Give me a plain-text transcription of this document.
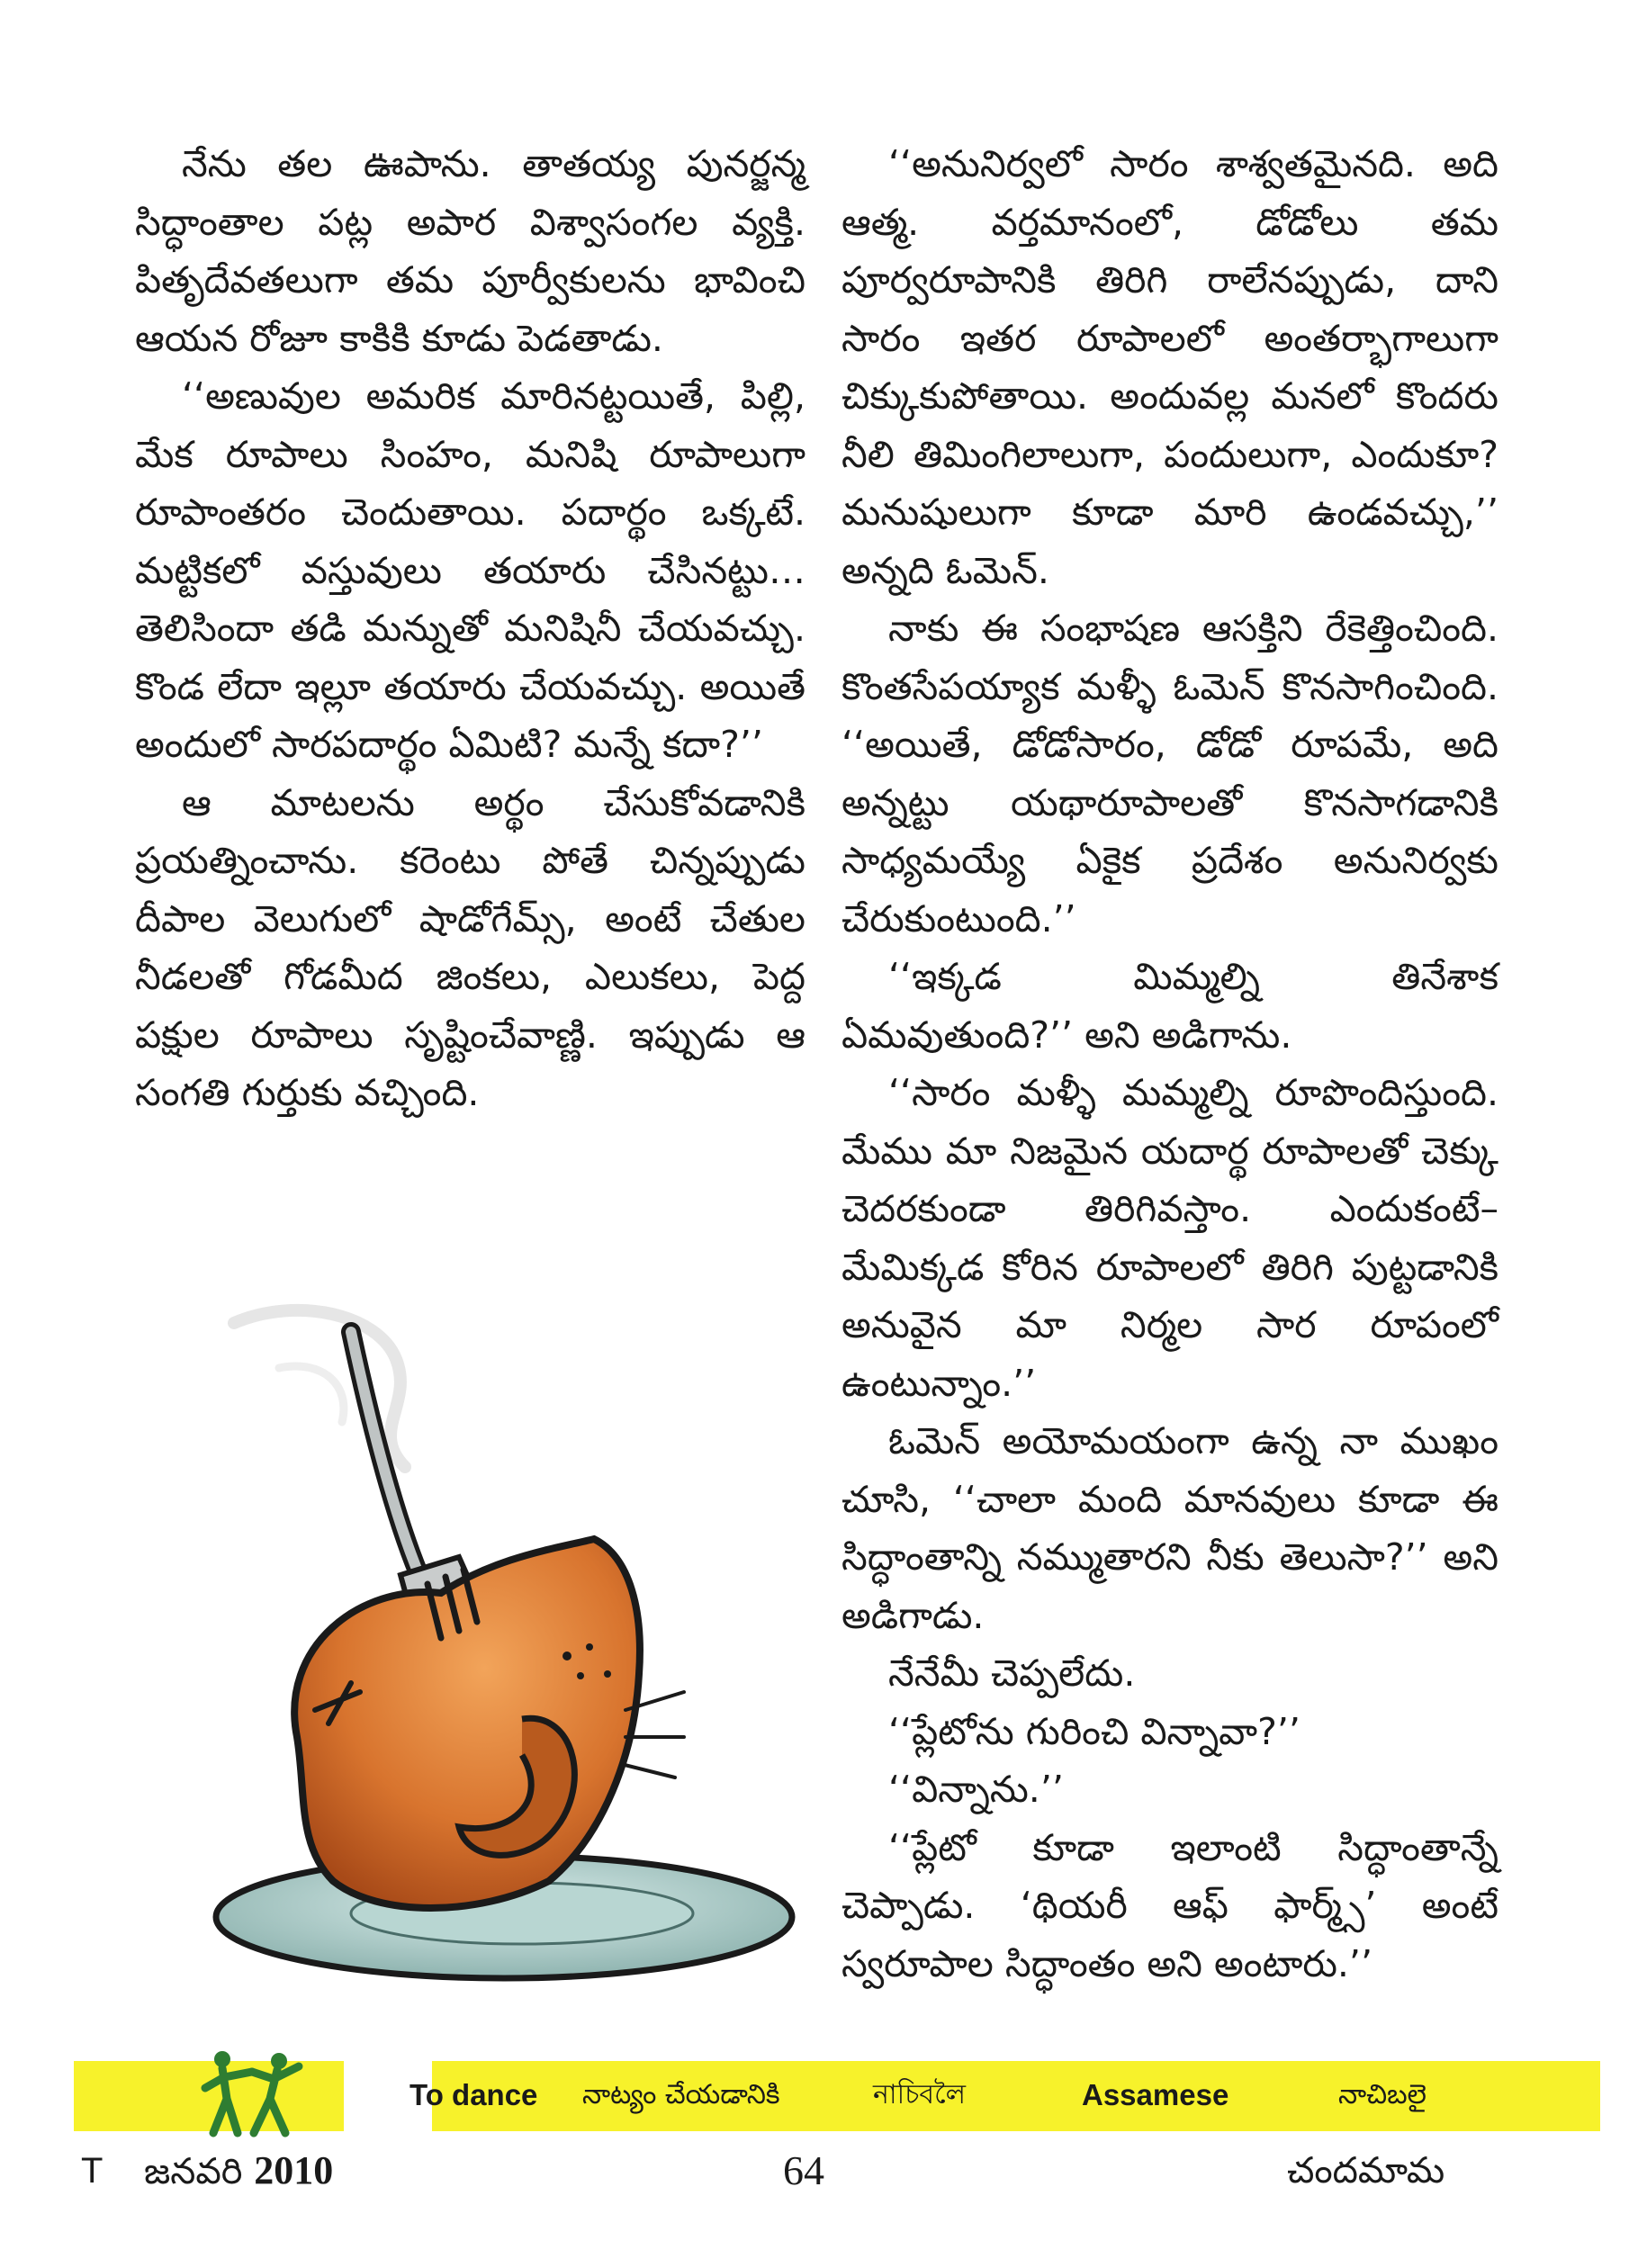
నేను తల ఊపాను. తాతయ్య పునర్జన్మ సిద్ధాంతాల పట్ల అపార విశ్వాసంగల వ్యక్తి. పితృదేవతలుగా తమ పూర్వీకులను భావించి ఆయన రోజూ కాకికి కూడు పెడతాడు.

‘‘అణువుల అమరిక మారినట్టయితే, పిల్లి, మేక రూపాలు సింహం, మనిషి రూపాలుగా రూపాంతరం చెందుతాయి. పదార్థం ఒక్కటే. మట్టికలో వస్తువులు తయారు చేసినట్టు… తెలిసిందా తడి మన్నుతో మనిషినీ చేయవచ్చు. కొండ లేదా ఇల్లూ తయారు చేయవచ్చు. అయితే అందులో సారపదార్థం ఏమిటి? మన్నే కదా?’’

ఆ మాటలను అర్థం చేసుకోవడానికి ప్రయత్నించాను. కరెంటు పోతే చిన్నప్పుడు దీపాల వెలుగులో షాడోగేమ్స్, అంటే చేతుల నీడలతో గోడమీద జింకలు, ఎలుకలు, పెద్ద పక్షుల రూపాలు సృష్టించేవాణ్ణి. ఇప్పుడు ఆ సంగతి గుర్తుకు వచ్చింది.

‘‘అనునిర్వలో సారం శాశ్వతమైనది. అది ఆత్మ. వర్తమానంలో, డోడోలు తమ పూర్వరూపానికి తిరిగి రాలేనప్పుడు, దాని సారం ఇతర రూపాలలో అంతర్భాగాలుగా చిక్కుకుపోతాయి. అందువల్ల మనలో కొందరు నీలి తిమింగిలాలుగా, పందులుగా, ఎందుకూ? మనుషులుగా కూడా మారి ఉండవచ్చు,’’ అన్నది ఓమెన్.

నాకు ఈ సంభాషణ ఆసక్తిని రేకెత్తించింది. కొంతసేపయ్యాక మళ్ళీ ఓమెన్ కొనసాగించింది. ‘‘అయితే, డోడోసారం, డోడో రూపమే, అది అన్నట్టు యథారూపాలతో కొనసాగడానికి సాధ్యమయ్యే ఏకైక ప్రదేశం అనునిర్వకు చేరుకుంటుంది.’’

‘‘ఇక్కడ మిమ్మల్ని తినేశాక ఏమవుతుంది?’’ అని అడిగాను.

‘‘సారం మళ్ళీ మమ్మల్ని రూపొందిస్తుంది. మేము మా నిజమైన యదార్థ రూపాలతో చెక్కు చెదరకుండా తిరిగివస్తాం. ఎందుకంటే–మేమిక్కడ కోరిన రూపాలలో తిరిగి పుట్టడానికి అనువైన మా నిర్మల సార రూపంలో ఉంటున్నాం.’’

ఓమెన్ అయోమయంగా ఉన్న నా ముఖం చూసి, ‘‘చాలా మంది మానవులు కూడా ఈ సిద్ధాంతాన్ని నమ్ముతారని నీకు తెలుసా?’’ అని అడిగాడు.

నేనేమీ చెప్పలేదు.

‘‘ప్లేటోను గురించి విన్నావా?’’

‘‘విన్నాను.’’

‘‘ప్లేటో కూడా ఇలాంటి సిద్ధాంతాన్నే చెప్పాడు. ‘థియరీ ఆఫ్ ఫార్మ్స్’ అంటే స్వరూపాల సిద్ధాంతం అని అంటారు.’’

To dance నాట్యం చేయడానికి	নাচিবলৈ	Assamese	నాచిబలై
T జనవరి 2010	64	చందమామ
